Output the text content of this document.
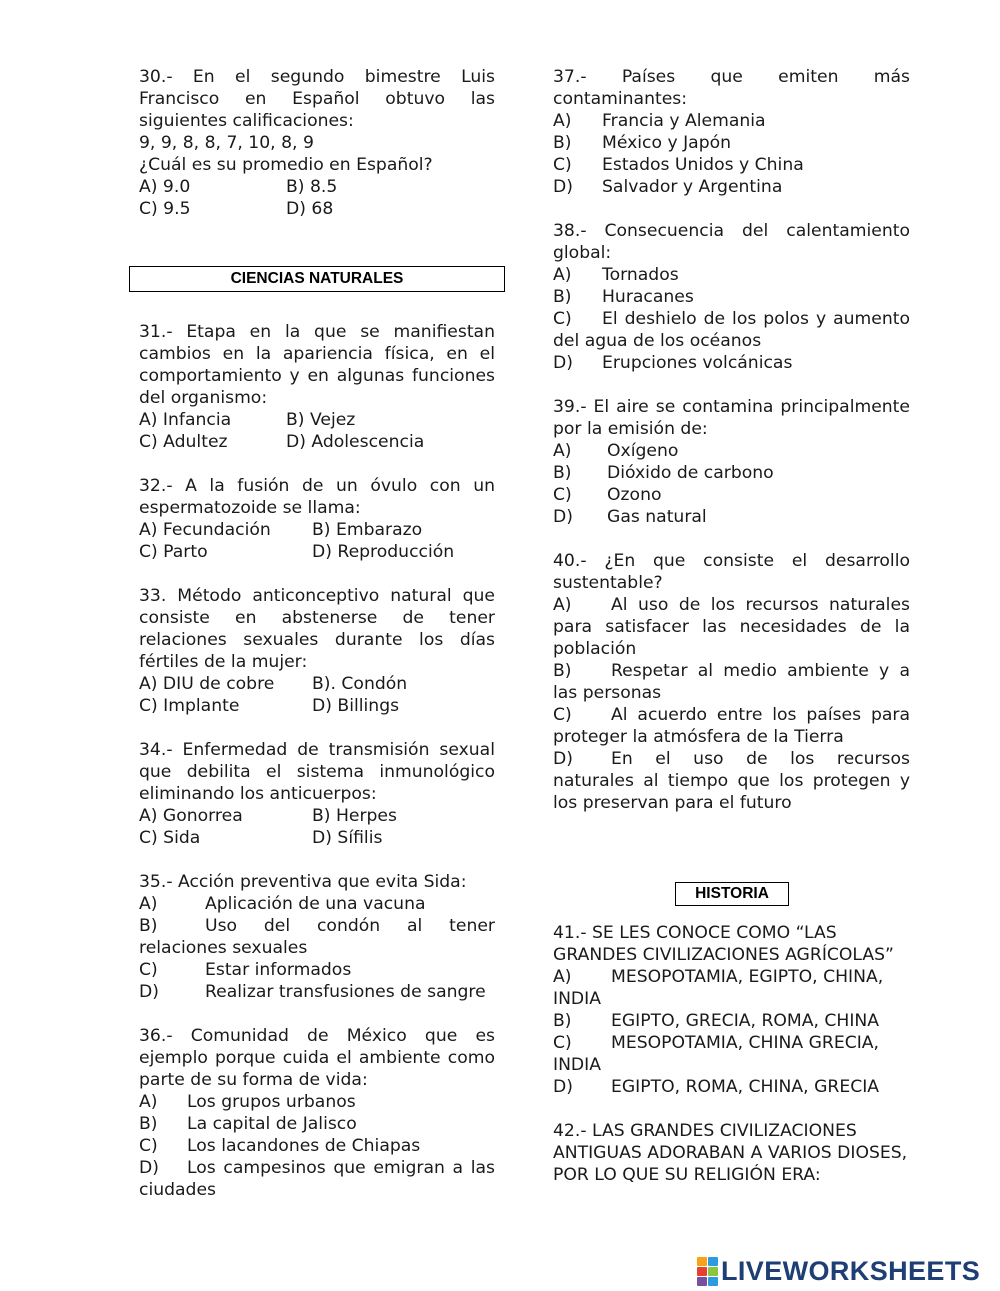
30.- En el segundo bimestre Luis Francisco en Español obtuvo las siguientes calificaciones:

9, 9, 8, 8, 7, 10, 8, 9

¿Cuál es su promedio en Español?

A) 9.0	B) 8.5
C) 9.5	D) 68

31.- Etapa en la que se manifiestan cambios en la apariencia física, en el comportamiento y en algunas funciones del organismo:

A) Infancia	B) Vejez
C) Adultez	D) Adolescencia

32.- A la fusión de un óvulo con un espermatozoide se llama:

A) Fecundación	B) Embarazo
C) Parto	D) Reproducción

33. Método anticonceptivo natural que consiste en abstenerse de tener relaciones sexuales durante los días fértiles de la mujer:

A) DIU de cobre	B). Condón
C) Implante	D) Billings

34.- Enfermedad de transmisión sexual que debilita el sistema inmunológico eliminando los anticuerpos:

A) Gonorrea	B) Herpes
C) Sida	D) Sífilis

35.- Acción preventiva que evita Sida:

A)	Aplicación de una vacuna

B)	Uso del condón al tener relaciones sexuales

C)	Estar informados
D)	Realizar transfusiones de sangre

36.- Comunidad de México que es ejemplo porque cuida el ambiente como parte de su forma de vida:

A)	Los grupos urbanos
B)	La capital de Jalisco
C)	Los lacandones de Chiapas

D) Los campesinos que emigran a las ciudades

CIENCIAS NATURALES

37.- Países que emiten más contaminantes:

A)	Francia y Alemania
B)	México y Japón
C)	Estados Unidos y China
D)	Salvador y Argentina

38.- Consecuencia del calentamiento global:

A)	Tornados
B)	Huracanes

C) El deshielo de los polos y aumento del agua de los océanos

D)	Erupciones volcánicas

39.- El aire se contamina principalmente por la emisión de:

A)	Oxígeno
B)	Dióxido de carbono
C)	Ozono
D)	Gas natural

40.- ¿En que consiste el desarrollo sustentable?

A) Al uso de los recursos naturales para satisfacer las necesidades de la población

B) Respetar al medio ambiente y a las personas

C) Al acuerdo entre los países para proteger la atmósfera de la Tierra

D) En el uso de los recursos naturales al tiempo que los protegen y los preservan para el futuro

41.- SE LES CONOCE COMO “LAS GRANDES CIVILIZACIONES AGRÍCOLAS”

A) MESOPOTAMIA, EGIPTO, CHINA, INDIA

B)	EGIPTO, GRECIA, ROMA, CHINA

C) MESOPOTAMIA, CHINA GRECIA, INDIA

D)	EGIPTO, ROMA, CHINA, GRECIA

42.- LAS GRANDES CIVILIZACIONES ANTIGUAS ADORABAN A VARIOS DIOSES, POR LO QUE SU RELIGIÓN ERA:

HISTORIA
LIVEWORKSHEETS
